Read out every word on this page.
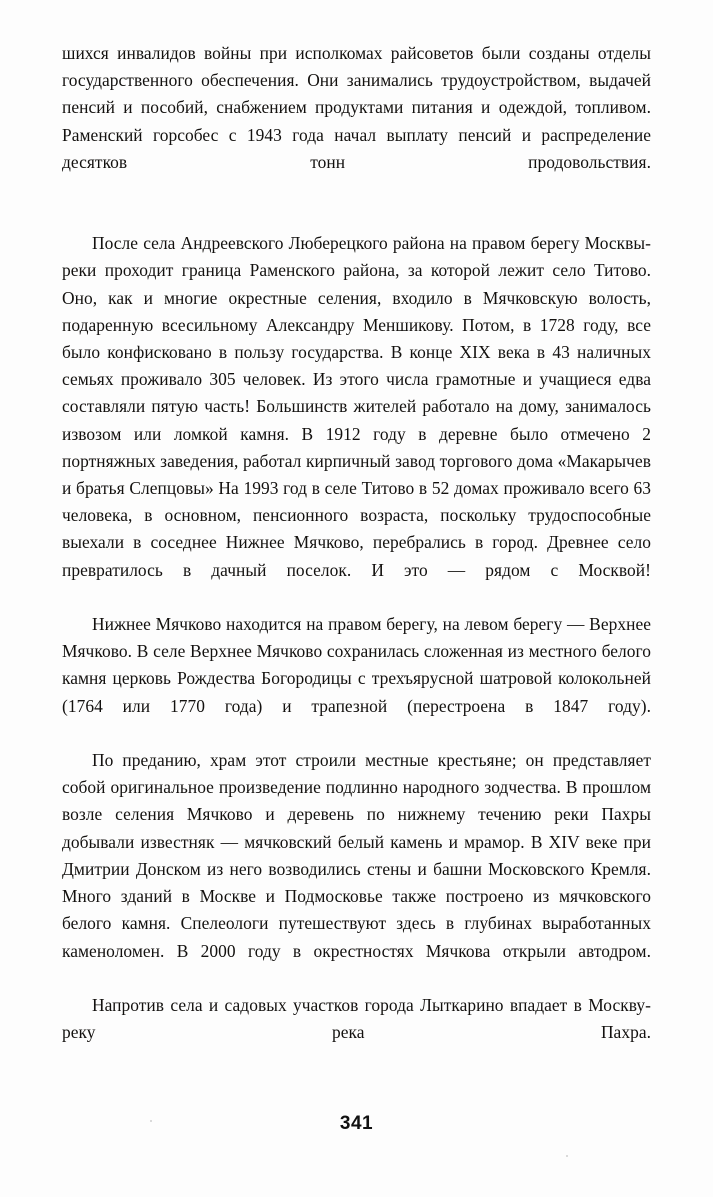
шихся инвалидов войны при исполкомах райсоветов были созданы отделы государственного обеспечения. Они занимались трудоустройством, выдачей пенсий и пособий, снабжением продуктами питания и одеждой, топливом. Раменский горсобес с 1943 года начал выплату пенсий и распределение десятков тонн продовольствия.

После села Андреевского Люберецкого района на правом берегу Москвы-реки проходит граница Раменского района, за которой лежит село Титово. Оно, как и многие окрестные селения, входило в Мячковскую волость, подаренную всесильному Александру Меншикову. Потом, в 1728 году, все было конфисковано в пользу государства. В конце XIX века в 43 наличных семьях проживало 305 человек. Из этого числа грамотные и учащиеся едва составляли пятую часть! Большинств жителей работало на дому, занималось извозом или ломкой камня. В 1912 году в деревне было отмечено 2 портняжных заведения, работал кирпичный завод торгового дома «Макарычев и братья Слепцовы» На 1993 год в селе Титово в 52 домах проживало всего 63 человека, в основном, пенсионного возраста, поскольку трудоспособные выехали в соседнее Нижнее Мячково, перебрались в город. Древнее село превратилось в дачный поселок. И это — рядом с Москвой!

Нижнее Мячково находится на правом берегу, на левом берегу — Верхнее Мячково. В селе Верхнее Мячково сохранилась сложенная из местного белого камня церковь Рождества Богородицы с трехъярусной шатровой колокольней (1764 или 1770 года) и трапезной (перестроена в 1847 году).

По преданию, храм этот строили местные крестьяне; он представляет собой оригинальное произведение подлинно народного зодчества. В прошлом возле селения Мячково и деревень по нижнему течению реки Пахры добывали известняк — мячковский белый камень и мрамор. В XIV веке при Дмитрии Донском из него возводились стены и башни Московского Кремля. Много зданий в Москве и Подмосковье также построено из мячковского белого камня. Спелеологи путешествуют здесь в глубинах выработанных каменоломен. В 2000 году в окрестностях Мячкова открыли автодром.

Напротив села и садовых участков города Лыткарино впадает в Москву-реку река Пахра.

341
